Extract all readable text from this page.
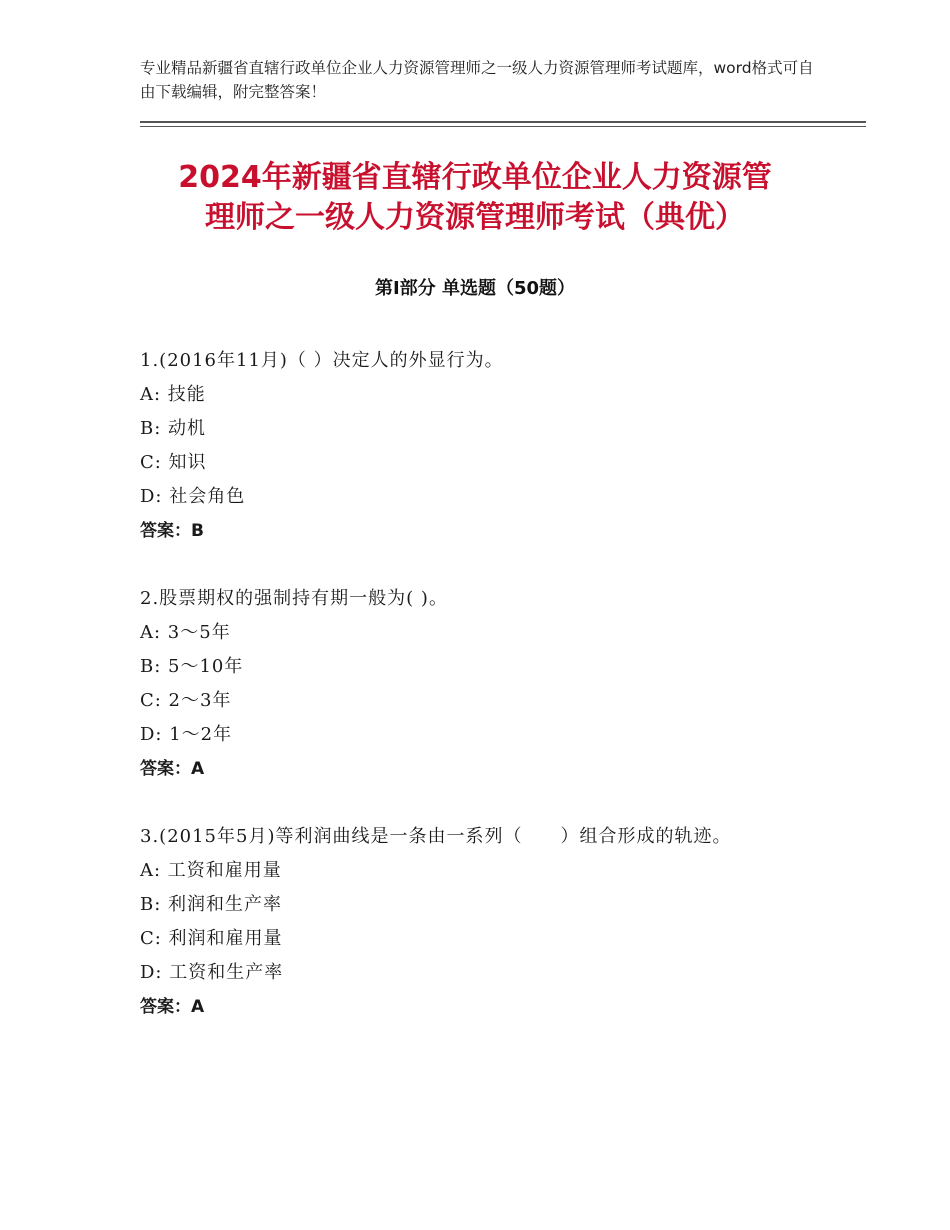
专业精品新疆省直辖行政单位企业人力资源管理师之一级人力资源管理师考试题库，word格式可自由下载编辑，附完整答案！
2024年新疆省直辖行政单位企业人力资源管
理师之一级人力资源管理师考试（典优）
第Ⅰ部分 单选题（50题）
1.(2016年11月)（ ）决定人的外显行为。
A: 技能
B: 动机
C: 知识
D: 社会角色
答案：B
2.股票期权的强制持有期一般为( )。
A: 3～5年
B: 5～10年
C: 2～3年
D: 1～2年
答案：A
3.(2015年5月)等利润曲线是一条由一系列（　　）组合形成的轨迹。
A: 工资和雇用量
B: 利润和生产率
C: 利润和雇用量
D: 工资和生产率
答案：A
